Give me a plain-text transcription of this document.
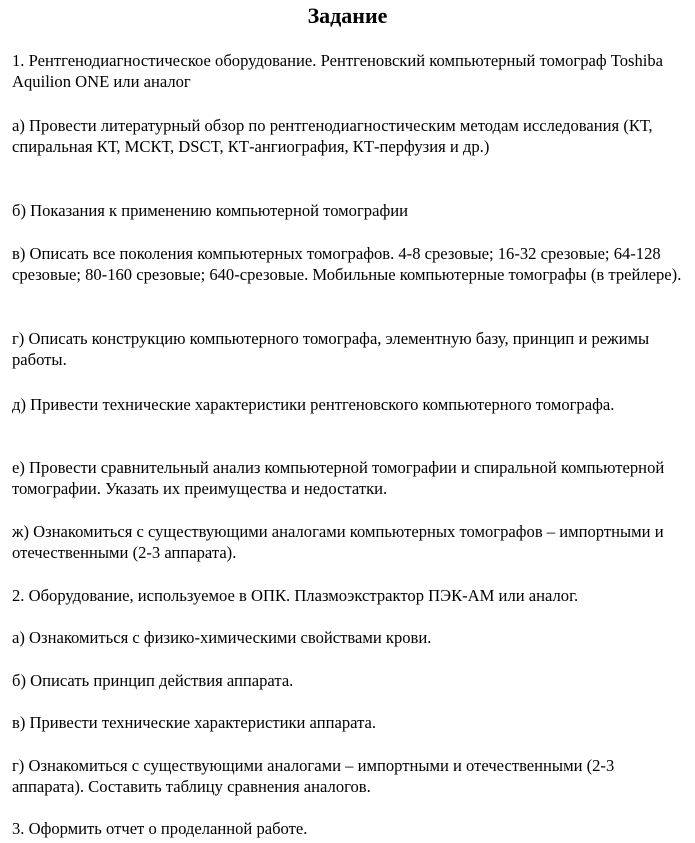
Задание

1. Рентгенодиагностическое оборудование. Рентгеновский компьютерный томограф Toshiba Aquilion ONE или аналог

а) Провести литературный обзор по рентгенодиагностическим методам исследования (КТ, спиральная КТ, МСКТ, DSCT, КТ-ангиография, КТ-перфузия и др.)

б) Показания к применению компьютерной томографии

в) Описать все поколения компьютерных томографов. 4-8 срезовые; 16-32 срезовые; 64-128 срезовые; 80-160 срезовые; 640-срезовые. Мобильные компьютерные томографы (в трейлере).

г) Описать конструкцию компьютерного томографа, элементную базу, принцип и режимы работы.

д) Привести технические характеристики рентгеновского компьютерного томографа.

е) Провести сравнительный анализ компьютерной томографии и спиральной компьютерной томографии. Указать их преимущества и недостатки.

ж) Ознакомиться с существующими аналогами компьютерных томографов – импортными и отечественными (2-3 аппарата).

2. Оборудование, используемое в ОПК. Плазмоэкстрактор ПЭК-АМ или аналог.

а) Ознакомиться с физико-химическими свойствами крови.

б) Описать принцип действия аппарата.

в) Привести технические характеристики аппарата.

г) Ознакомиться с существующими аналогами – импортными и отечественными (2-3 аппарата). Составить таблицу сравнения аналогов.

3. Оформить отчет о проделанной работе.
